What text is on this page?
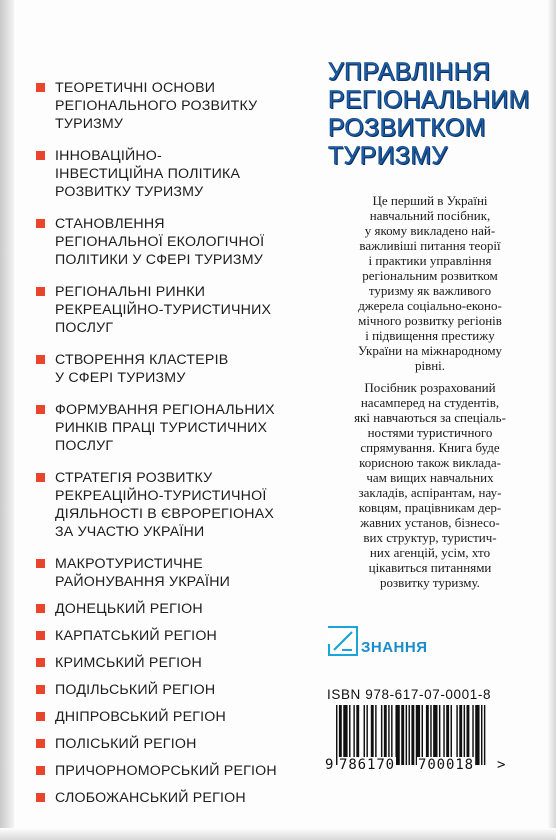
ТЕОРЕТИЧНІ ОСНОВИ
РЕГІОНАЛЬНОГО РОЗВИТКУ
ТУРИЗМУ
ІННОВАЦІЙНО-
ІНВЕСТИЦІЙНА ПОЛІТИКА
РОЗВИТКУ ТУРИЗМУ
СТАНОВЛЕННЯ
РЕГІОНАЛЬНОЇ ЕКОЛОГІЧНОЇ
ПОЛІТИКИ У СФЕРІ ТУРИЗМУ
РЕГІОНАЛЬНІ РИНКИ
РЕКРЕАЦІЙНО-ТУРИСТИЧНИХ
ПОСЛУГ
СТВОРЕННЯ КЛАСТЕРІВ
У СФЕРІ ТУРИЗМУ
ФОРМУВАННЯ РЕГІОНАЛЬНИХ
РИНКІВ ПРАЦІ ТУРИСТИЧНИХ
ПОСЛУГ
СТРАТЕГІЯ РОЗВИТКУ
РЕКРЕАЦІЙНО-ТУРИСТИЧНОЇ
ДІЯЛЬНОСТІ В ЄВРОРЕГІОНАХ
ЗА УЧАСТЮ УКРАЇНИ
МАКРОТУРИСТИЧНЕ
РАЙОНУВАННЯ УКРАЇНИ
ДОНЕЦЬКИЙ РЕГІОН
КАРПАТСЬКИЙ РЕГІОН
КРИМСЬКИЙ РЕГІОН
ПОДІЛЬСЬКИЙ РЕГІОН
ДНІПРОВСЬКИЙ РЕГІОН
ПОЛІСЬКИЙ РЕГІОН
ПРИЧОРНОМОРСЬКИЙ РЕГІОН
СЛОБОЖАНСЬКИЙ РЕГІОН
УПРАВЛІННЯ
РЕГІОНАЛЬНИМ
РОЗВИТКОМ
ТУРИЗМУ

Це перший в Україні
навчальний посібник,
у якому викладено най-
важливіші питання теорії
і практики управління
регіональним розвитком
туризму як важливого
джерела соціально-еконо-
мічного розвитку регіонів
і підвищення престижу
України на міжнародному
рівні.

Посібник розрахований
насамперед на студентів,
які навчаються за спеціаль-
ностями туристичного
спрямування. Книга буде
корисною також виклада-
чам вищих навчальних
закладів, аспірантам, нау-
ковцям, працівникам дер-
жавних установ, бізнесо-
вих структур, туристич-
них агенцій, усім, хто
цікавиться питаннями
розвитку туризму.

ЗНАННЯ
ISBN 978-617-07-0001-8
9 786170 700018 >
